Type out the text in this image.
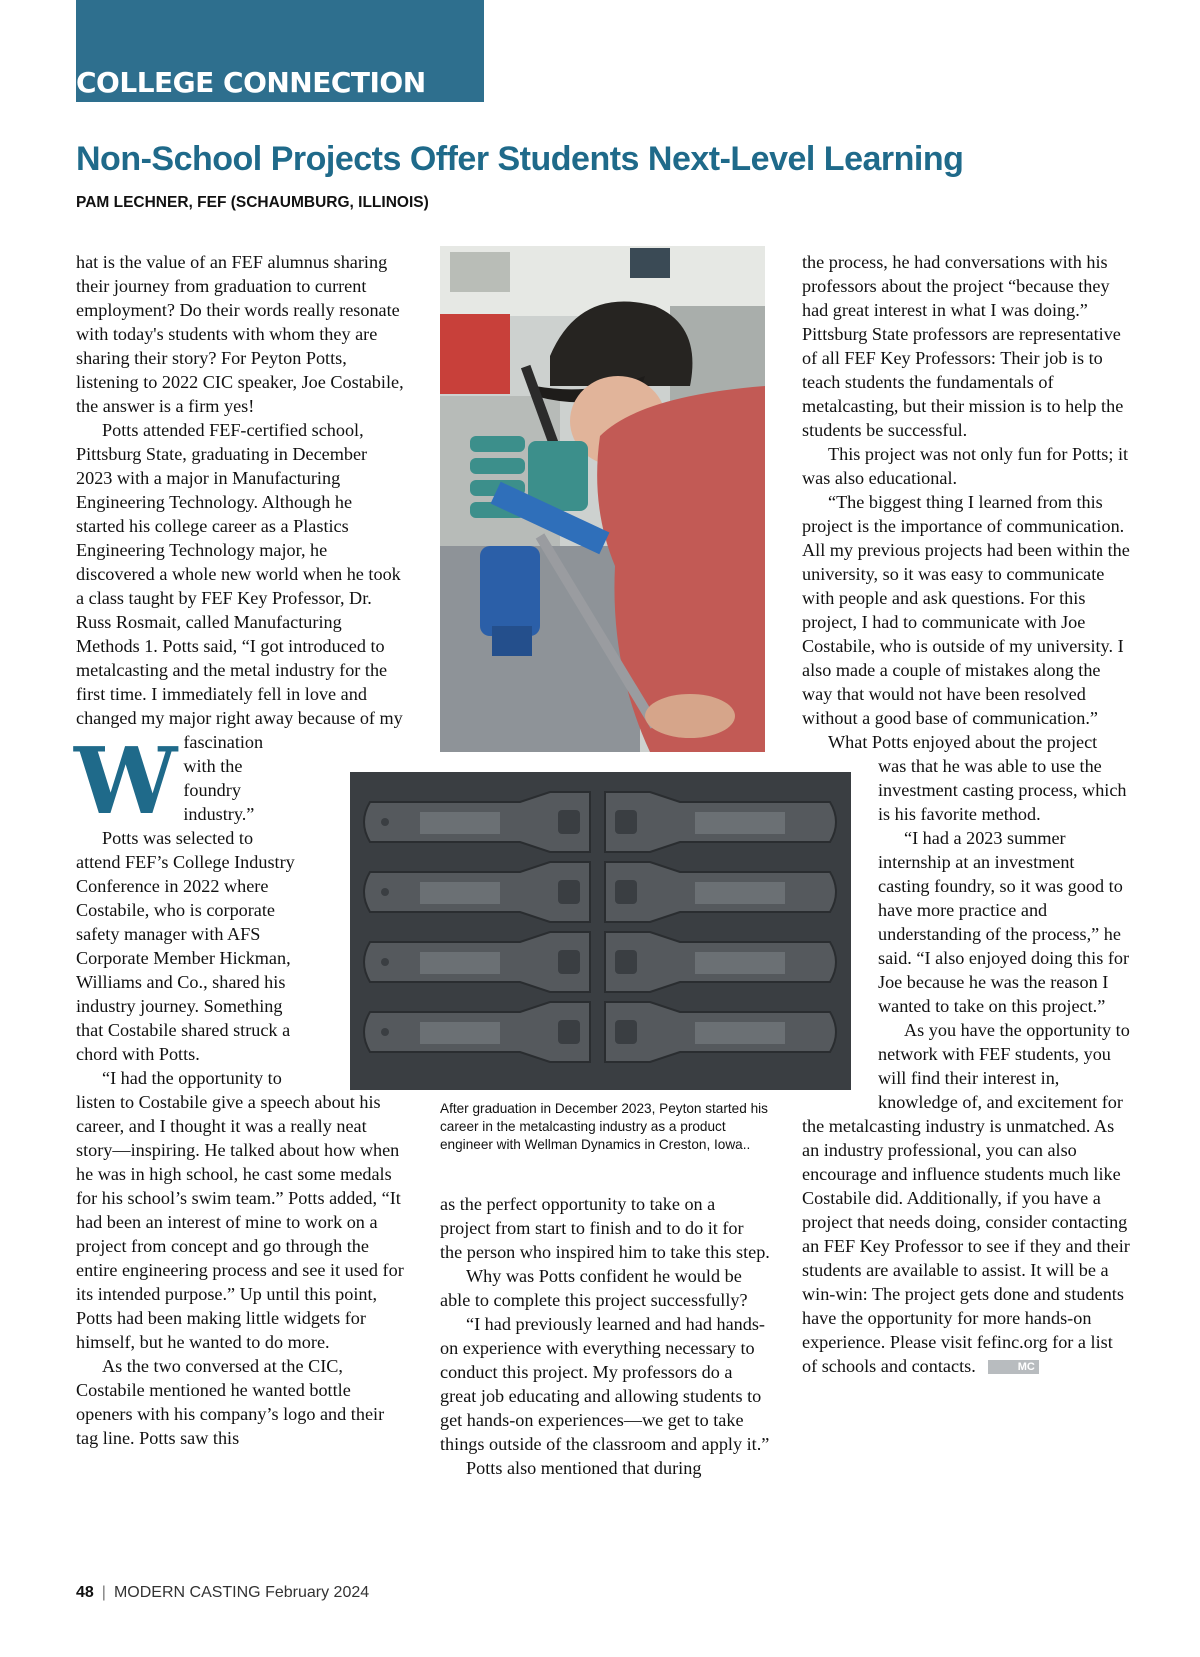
COLLEGE CONNECTION
Non-School Projects Offer Students Next-Level Learning
PAM LECHNER, FEF (SCHAUMBURG, ILLINOIS)

W
hat is the value of an FEF alumnus sharing their journey from graduation to current employment? Do their words really resonate with today's students with whom they are sharing their story? For Peyton Potts, listening to 2022 CIC speaker, Joe Costabile, the answer is a firm yes!

Potts attended FEF-certified school, Pittsburg State, graduating in December 2023 with a major in Manufacturing Engineering Technology. Although he started his college career as a Plastics Engineering Technology major, he discovered a whole new world when he took a class taught by FEF Key Professor, Dr. Russ Rosmait, called Manufacturing Methods 1. Potts said, “I got introduced to metalcasting and the metal industry for the first time. I immediately fell in love and changed my major right away because of my fascination with the foundry industry.”

Potts was selected to attend FEF’s College Industry Conference in 2022 where Costabile, who is corporate safety manager with AFS Corporate Member Hickman, Williams and Co., shared his industry journey. Something that Costabile shared struck a chord with Potts.

“I had the opportunity to listen to Costabile give a speech about his career, and I thought it was a really neat story—inspiring. He talked about how when he was in high school, he cast some medals for his school’s swim team.” Potts added, “It had been an interest of mine to work on a project from concept and go through the entire engineering process and see it used for its intended purpose.” Up until this point, Potts had been making little widgets for himself, but he wanted to do more.

As the two conversed at the CIC, Costabile mentioned he wanted bottle openers with his company’s logo and their tag line. Potts saw this

After graduation in December 2023, Peyton started his career in the metalcasting industry as a product engineer with Wellman Dynamics in Creston, Iowa..

as the perfect opportunity to take on a project from start to finish and to do it for the person who inspired him to take this step.

Why was Potts confident he would be able to complete this project successfully?

“I had previously learned and had hands-on experience with everything necessary to conduct this project. My professors do a great job educating and allowing students to get hands-on experiences—we get to take things outside of the classroom and apply it.”

Potts also mentioned that during

the process, he had conversations with his professors about the project “because they had great interest in what I was doing.” Pittsburg State professors are representative of all FEF Key Professors: Their job is to teach students the fundamentals of metalcasting, but their mission is to help the students be successful.

This project was not only fun for Potts; it was also educational.

“The biggest thing I learned from this project is the importance of communication. All my previous projects had been within the university, so it was easy to communicate with people and ask questions. For this project, I had to communicate with Joe Costabile, who is outside of my university. I also made a couple of mistakes along the way that would not have been resolved without a good base of communication.”

What Potts enjoyed about the project was that he was able to use the investment casting process, which is his favorite method.

“I had a 2023 summer internship at an investment casting foundry, so it was good to have more practice and understanding of the process,” he said. “I also enjoyed doing this for Joe because he was the reason I wanted to take on this project.”

As you have the opportunity to network with FEF students, you will find their interest in, knowledge of, and excitement for the metalcasting industry is unmatched. As an industry professional, you can also encourage and influence students much like Costabile did. Additionally, if you have a project that needs doing, consider contacting an FEF Key Professor to see if they and their students are available to assist. It will be a win-win: The project gets done and students have the opportunity for more hands-on experience. Please visit fefinc.org for a list of schools and contacts.	MC

48 | MODERN CASTING February 2024
